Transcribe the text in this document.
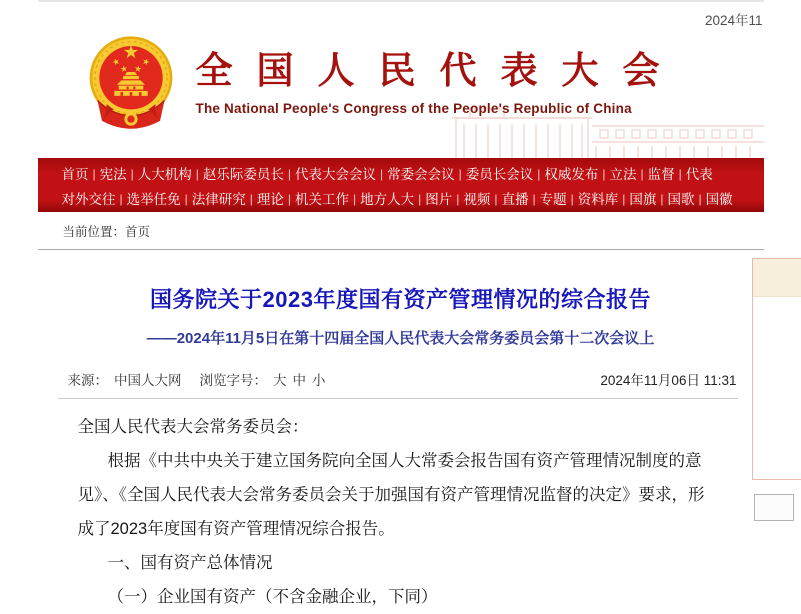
2024年11
全国人民代表大会
The National People's Congress of the People's Republic of China
首页 | 宪法 | 人大机构 | 赵乐际委员长 | 代表大会会议 | 常委会会议 | 委员长会议 | 权威发布 | 立法 | 监督 | 代表
对外交往 | 选举任免 | 法律研究 | 理论 | 机关工作 | 地方人大 | 图片 | 视频 | 直播 | 专题 | 资料库 | 国旗 | 国歌 | 国徽
当前位置：首页
国务院关于2023年度国有资产管理情况的综合报告
——2024年11月5日在第十四届全国人民代表大会常务委员会第十二次会议上
来源： 中国人大网 浏览字号： 大 中 小	2024年11月06日 11:31

全国人民代表大会常务委员会：

根据《中共中央关于建立国务院向全国人大常委会报告国有资产管理情况制度的意见》、《全国人民代表大会常务委员会关于加强国有资产管理情况监督的决定》要求，形成了2023年度国有资产管理情况综合报告。

一、国有资产总体情况

（一）企业国有资产（不含金融企业，下同）
